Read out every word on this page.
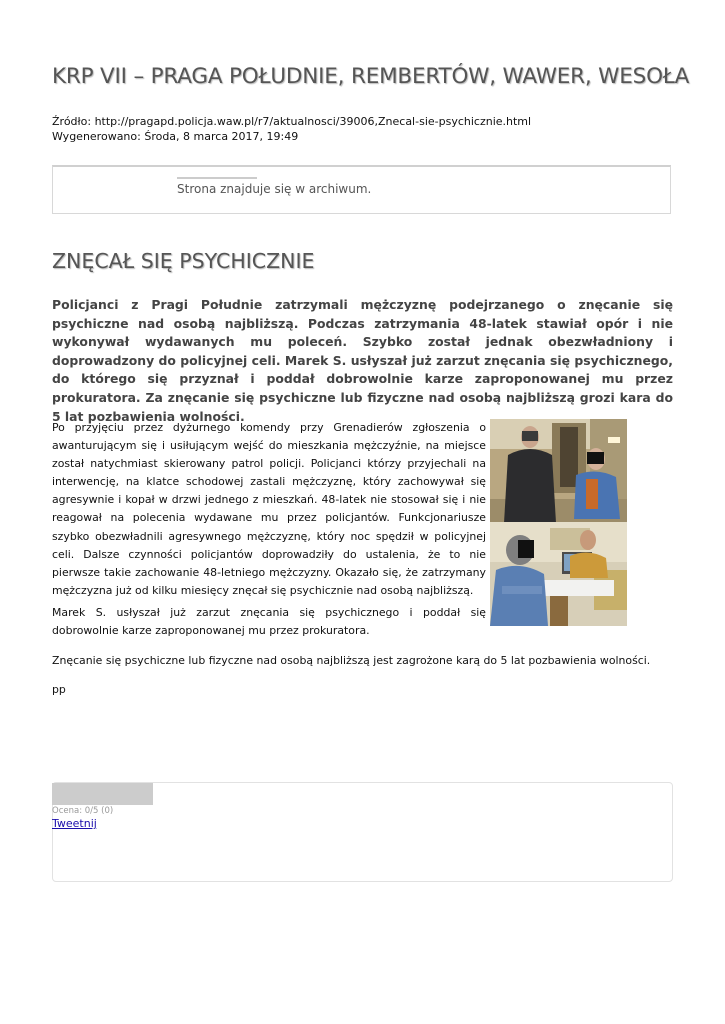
KRP VII – PRAGA POŁUDNIE, REMBERTÓW, WAWER, WESOŁA
Źródło: http://pragapd.policja.waw.pl/r7/aktualnosci/39006,Znecal-sie-psychicznie.html
Wygenerowano: Środa, 8 marca 2017, 19:49
Strona znajduje się w archiwum.
ZNĘCAŁ SIĘ PSYCHICZNIE

Policjanci z Pragi Południe zatrzymali mężczyznę podejrzanego o znęcanie się psychiczne nad osobą najbliższą. Podczas zatrzymania 48-latek stawiał opór i nie wykonywał wydawanych mu poleceń. Szybko został jednak obezwładniony i doprowadzony do policyjnej celi. Marek S. usłyszał już zarzut znęcania się psychicznego, do którego się przyznał i poddał dobrowolnie karze zaproponowanej mu przez prokuratora. Za znęcanie się psychiczne lub fizyczne nad osobą najbliższą grozi kara do 5 lat pozbawienia wolności.

Po przyjęciu przez dyżurnego komendy przy Grenadierów zgłoszenia o awanturującym się i usiłującym wejść do mieszkania mężczyźnie, na miejsce został natychmiast skierowany patrol policji. Policjanci którzy przyjechali na interwencję, na klatce schodowej zastali mężczyznę, który zachowywał się agresywnie i kopał w drzwi jednego z mieszkań. 48-latek nie stosował się i nie reagował na polecenia wydawane mu przez policjantów. Funkcjonariusze szybko obezwładnili agresywnego mężczyznę, który noc spędził w policyjnej celi. Dalsze czynności policjantów doprowadziły do ustalenia, że to nie pierwsze takie zachowanie 48-letniego mężczyzny. Okazało się, że zatrzymany mężczyzna już od kilku miesięcy znęcał się psychicznie nad osobą najbliższą.

Marek S. usłyszał już zarzut znęcania się psychicznego i poddał się dobrowolnie karze zaproponowanej mu przez prokuratora.

Znęcanie się psychiczne lub fizyczne nad osobą najbliższą jest zagrożone karą do 5 lat pozbawienia wolności.

pp

Ocena: 0/5 (0)
Tweetnij
